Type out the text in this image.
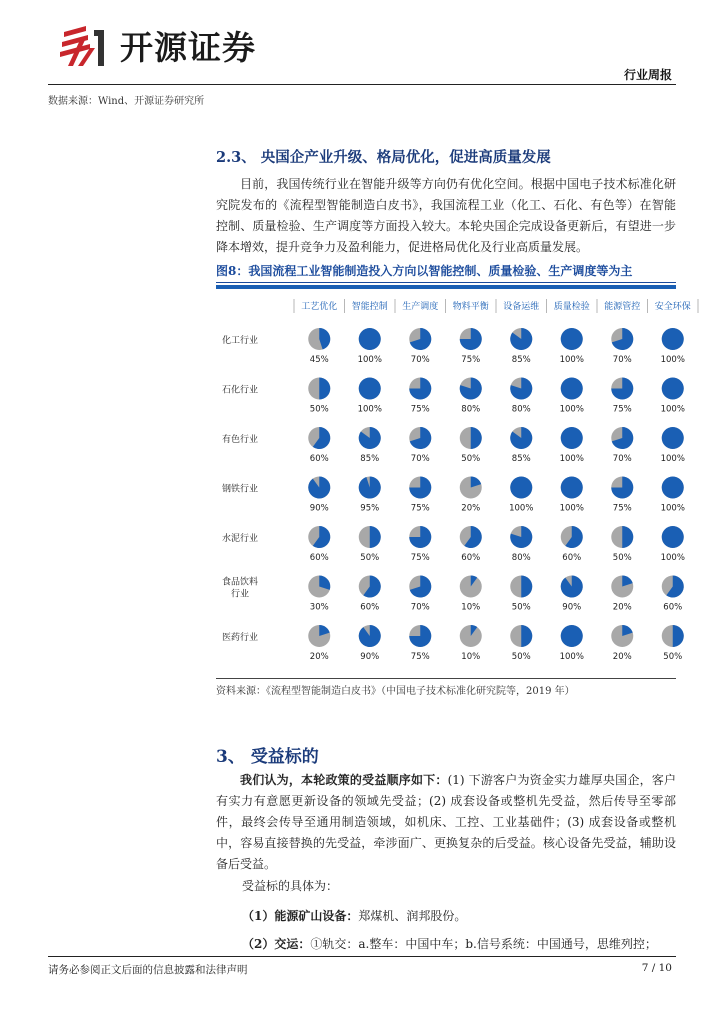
开源证券
行业周报
数据来源：Wind、开源证券研究所
2.3、 央国企产业升级、格局优化，促进高质量发展
目前，我国传统行业在智能升级等方向仍有优化空间。根据中国电子技术标准化研究院发布的《流程型智能制造白皮书》，我国流程工业（化工、石化、有色等）在智能控制、质量检验、生产调度等方面投入较大。本轮央国企完成设备更新后，有望进一步降本增效，提升竞争力及盈利能力，促进格局优化及行业高质量发展。
图8：我国流程工业智能制造投入方向以智能控制、质量检验、生产调度等为主
工艺优化 智能控制 生产调度 物料平衡 设备运维 质量检验 能源管控 安全环保
化工行业
45%	100%	70%	75%	85%	100%	70%	100%
石化行业
50%	100%	75%	80%	80%	100%	75%	100%
有色行业
60%	85%	70%	50%	85%	100%	70%	100%
钢铁行业
90%	95%	75%	20%	100%	100%	75%	100%
水泥行业
60%	50%	75%	60%	80%	60%	50%	100%
食品饮料
行业
30%	60%	70%	10%	50%	90%	20%	60%
医药行业
20%	90%	75%	10%	50%	100%	20%	50%
资料来源：《流程型智能制造白皮书》（中国电子技术标准化研究院等，2019 年）
3、 受益标的
我们认为，本轮政策的受益顺序如下：(1) 下游客户为资金实力雄厚央国企，客户有实力有意愿更新设备的领域先受益；(2) 成套设备或整机先受益，然后传导至零部件，最终会传导至通用制造领域，如机床、工控、工业基础件；(3) 成套设备或整机中，容易直接替换的先受益，牵涉面广、更换复杂的后受益。核心设备先受益，辅助设备后受益。
受益标的具体为：
（1）能源矿山设备：郑煤机、润邦股份。
（2）交运：①轨交：a.整车：中国中车；b.信号系统：中国通号，思维列控；
请务必参阅正文后面的信息披露和法律声明	7 / 10
